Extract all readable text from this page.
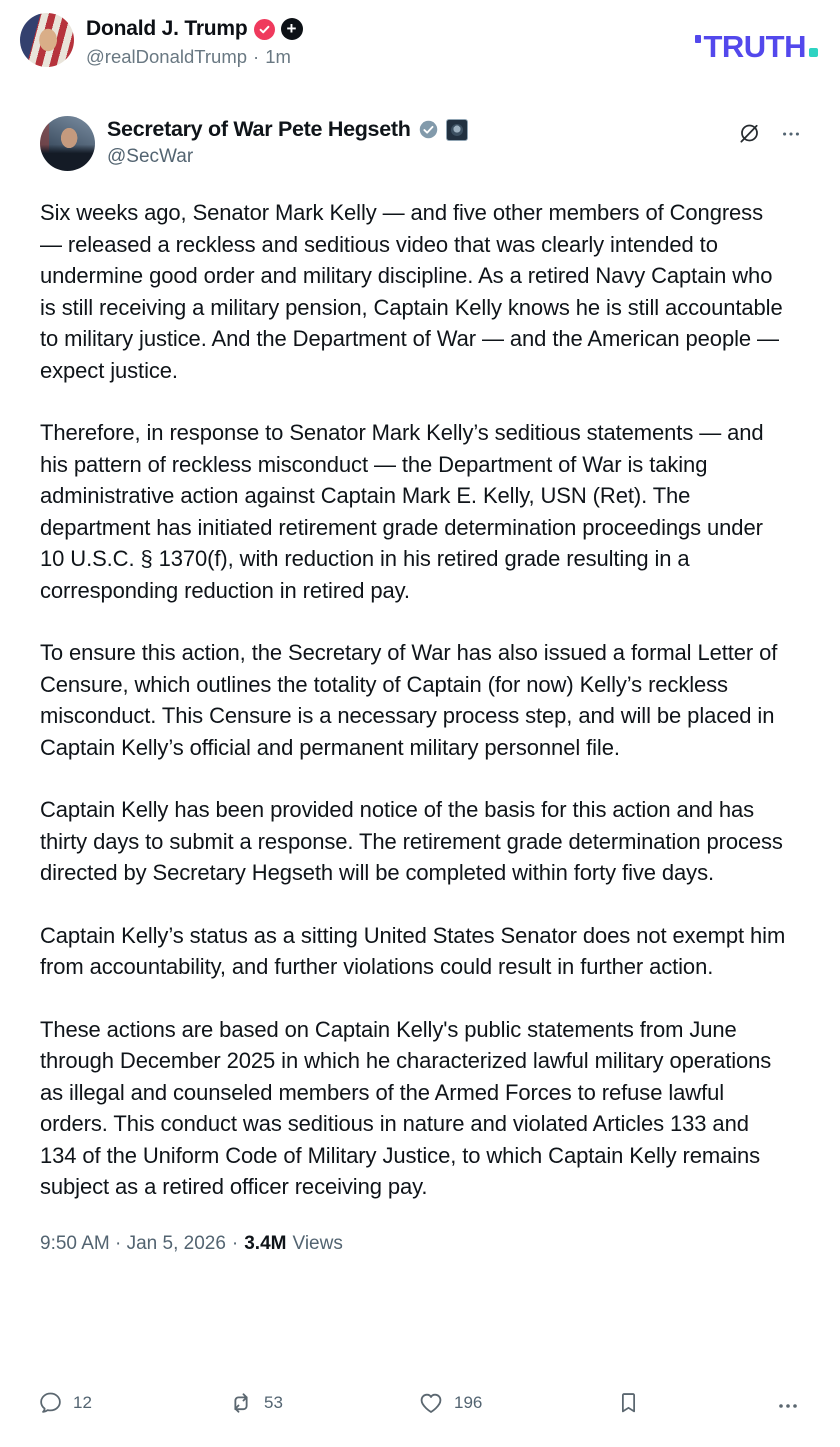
Donald J. Trump	+
@realDonaldTrump · 1m	TRUTH
Secretary of War Pete Hegseth
@SecWar

Six weeks ago, Senator Mark Kelly — and five other members of Congress — released a reckless and seditious video that was clearly intended to undermine good order and military discipline. As a retired Navy Captain who is still receiving a military pension, Captain Kelly knows he is still accountable to military justice. And the Department of War — and the American people — expect justice.

Therefore, in response to Senator Mark Kelly’s seditious statements — and his pattern of reckless misconduct — the Department of War is taking administrative action against Captain Mark E. Kelly, USN (Ret). The department has initiated retirement grade determination proceedings under 10 U.S.C. § 1370(f), with reduction in his retired grade resulting in a corresponding reduction in retired pay.

To ensure this action, the Secretary of War has also issued a formal Letter of Censure, which outlines the totality of Captain (for now) Kelly’s reckless misconduct. This Censure is a necessary process step, and will be placed in Captain Kelly’s official and permanent military personnel file.

Captain Kelly has been provided notice of the basis for this action and has thirty days to submit a response. The retirement grade determination process directed by Secretary Hegseth will be completed within forty five days.

Captain Kelly’s status as a sitting United States Senator does not exempt him from accountability, and further violations could result in further action.

These actions are based on Captain Kelly's public statements from June through December 2025 in which he characterized lawful military operations as illegal and counseled members of the Armed Forces to refuse lawful orders. This conduct was seditious in nature and violated Articles 133 and 134 of the Uniform Code of Military Justice, to which Captain Kelly remains subject as a retired officer receiving pay.

9:50 AM · Jan 5, 2026 · 3.4M Views
12	53	196
